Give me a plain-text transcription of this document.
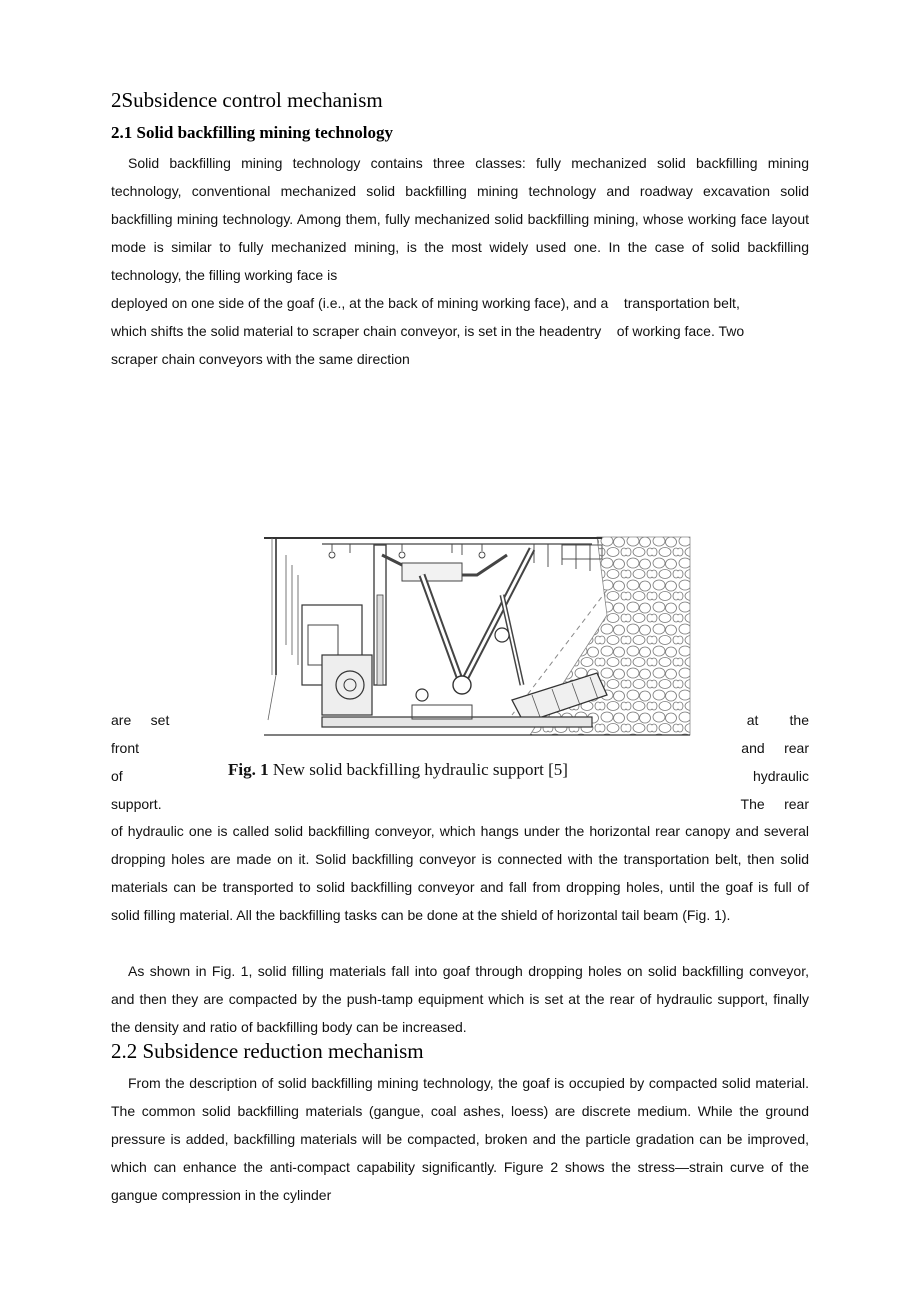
2Subsidence control mechanism
2.1 Solid backfilling mining technology

Solid backfilling mining technology contains three classes: fully mechanized solid backfilling mining technology, conventional mechanized solid backfilling mining technology and roadway excavation solid backfilling mining technology. Among them, fully mechanized solid backfilling mining, whose working face layout mode is similar to fully mechanized mining, is the most widely used one. In the case of solid backfilling technology, the filling working face is

deployed on one side of the goaf (i.e., at the back of mining working face), and a    transportation belt,
which shifts the solid material to scraper chain conveyor, is set in the headentry    of working face. Two
scraper chain conveyors with the same direction
are     set
front
of
support.
at        the
and     rear
hydraulic
The     rear
Fig. 1 New solid backfilling hydraulic support [5]

of hydraulic one is called solid backfilling conveyor, which hangs under the horizontal rear canopy and several dropping holes are made on it. Solid backfilling conveyor is connected with the transportation belt, then solid materials can be transported to solid backfilling conveyor and fall from dropping holes, until the goaf is full of solid filling material. All the backfilling tasks can be done at the shield of horizontal tail beam (Fig. 1).

As shown in Fig. 1, solid filling materials fall into goaf through dropping holes on solid backfilling conveyor, and then they are compacted by the push-tamp equipment which is set at the rear of hydraulic support, finally the density and ratio of backfilling body can be increased.

2.2 Subsidence reduction mechanism

From the description of solid backfilling mining technology, the goaf is occupied by compacted solid material. The common solid backfilling materials (gangue, coal ashes, loess) are discrete medium. While the ground pressure is added, backfilling materials will be compacted, broken and the particle gradation can be improved, which can enhance the anti-compact capability significantly. Figure 2 shows the stress—strain curve of the gangue compression in the cylinder
